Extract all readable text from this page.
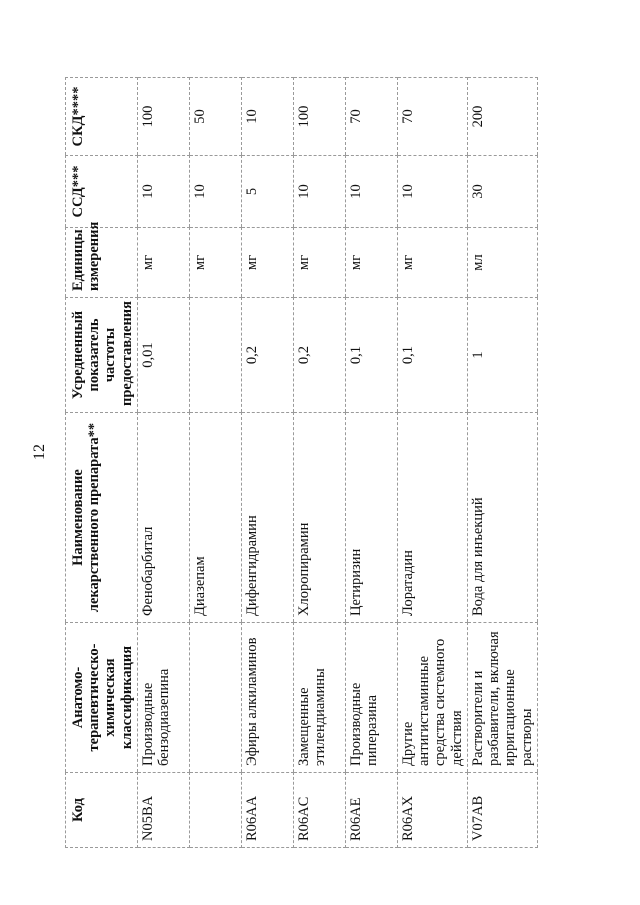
12
Код	Анатомо-терапевтическо-химическая классификация	Наименование лекарственного препарата**	Усредненный показатель частоты предоставления	Единицы измерения	ССД***	СКД****
N05BA	Производные бензодиазепина	Фенобарбитал	0,01	мг	10	100
		Диазепам		мг	10	50
R06AA	Эфиры алкиламинов	Дифенгидрамин	0,2	мг	5	10
R06AC	Замещенные этилендиамины	Хлоропирамин	0,2	мг	10	100
R06AE	Производные пиперазина	Цетиризин	0,1	мг	10	70
R06AX	Другие антигистаминные средства системного действия	Лоратадин	0,1	мг	10	70
V07AB	Растворители и разбавители, включая ирригационные растворы	Вода для инъекций	1	мл	30	200
